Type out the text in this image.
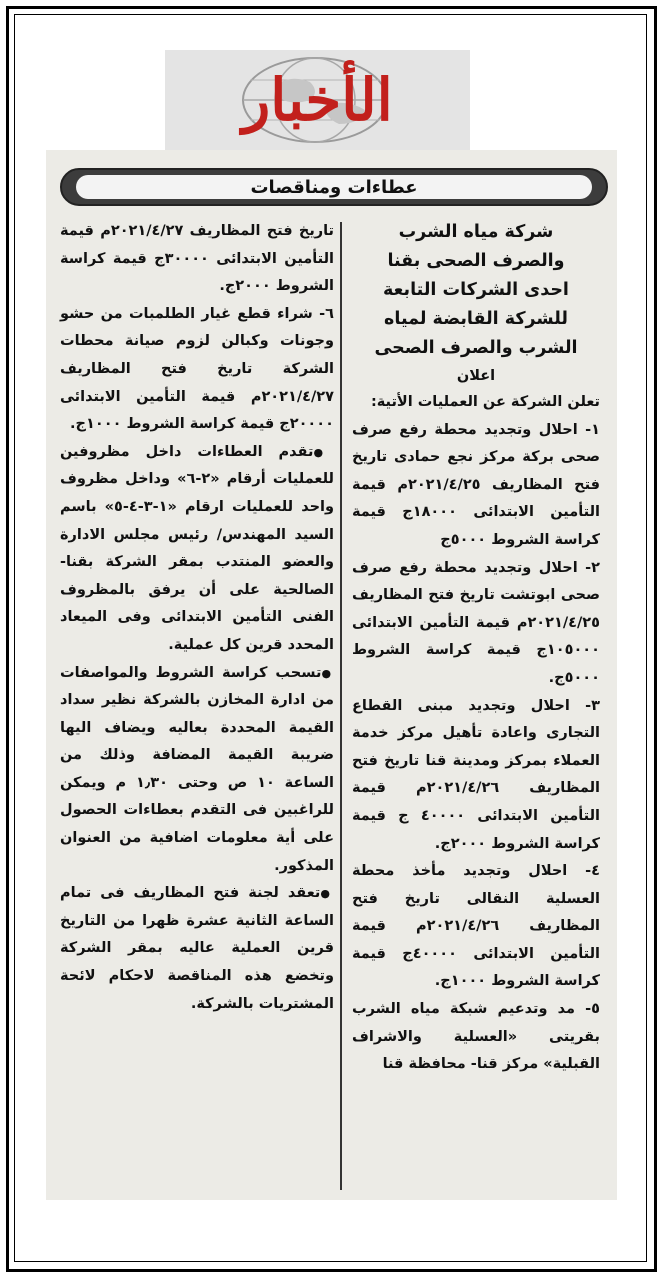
الأخبار
عطاءات ومناقصات

شركة مياه الشرب

والصرف الصحى بقنا

احدى الشركات التابعة

للشركة القابضة لمياه

الشرب والصرف الصحى

اعلان

تعلن الشركة عن العمليات الأتية:

١- احلال وتجديد محطة رفع صرف صحى بركة مركز نجع حمادى تاريخ فتح المظاريف ٢٠٢١/٤/٢٥م قيمة التأمين الابتدائى ١٨٠٠٠ج قيمة كراسة الشروط ٥٠٠٠ج

٢- احلال وتجديد محطة رفع صرف صحى ابوتشت تاريخ فتح المظاريف ٢٠٢١/٤/٢٥م قيمة التأمين الابتدائى ١٠٥٠٠٠ج قيمة كراسة الشروط ٥٠٠٠ج.

٣- احلال وتجديد مبنى القطاع التجارى واعادة تأهيل مركز خدمة العملاء بمركز ومدينة قنا تاريخ فتح المظاريف ٢٠٢١/٤/٢٦م قيمة التأمين الابتدائى ٤٠٠٠٠ ج قيمة كراسة الشروط ٢٠٠٠ج.

٤- احلال وتجديد مأخذ محطة العسلية النقالى تاريخ فتح المظاريف ٢٠٢١/٤/٢٦م قيمة التأمين الابتدائى ٤٠٠٠٠ج قيمة كراسة الشروط ١٠٠٠ج.

٥- مد وتدعيم شبكة مياه الشرب بقريتى «العسلية والاشراف القبلية» مركز قنا- محافظة قنا

تاريخ فتح المظاريف ٢٠٢١/٤/٢٧م قيمة التأمين الابتدائى ٣٠٠٠٠ج قيمة كراسة الشروط ٢٠٠٠ج.

٦- شراء قطع غيار الطلمبات من حشو وجونات وكبالن لزوم صيانة محطات الشركة تاريخ فتح المظاريف ٢٠٢١/٤/٢٧م قيمة التأمين الابتدائى ٢٠٠٠٠ج قيمة كراسة الشروط ١٠٠٠ج.

● تقدم العطاءات داخل مظروفين للعمليات أرقام «٢-٦» وداخل مظروف واحد للعمليات ارقام «١-٣-٤-٥» باسم السيد المهندس/ رئيس مجلس الادارة والعضو المنتدب بمقر الشركة بقنا- الصالحية على أن يرفق بالمظروف الفنى التأمين الابتدائى وفى الميعاد المحدد قرين كل عملية.

● تسحب كراسة الشروط والمواصفات من ادارة المخازن بالشركة نظير سداد القيمة المحددة بعاليه ويضاف اليها ضريبة القيمة المضافة وذلك من الساعة ١٠ ص وحتى ١٫٣٠ م ويمكن للراغبين فى التقدم بعطاءات الحصول على أية معلومات اضافية من العنوان المذكور.

● تعقد لجنة فتح المظاريف فى تمام الساعة الثانية عشرة ظهرا من التاريخ قرين العملية عاليه بمقر الشركة وتخضع هذه المناقصة لاحكام لائحة المشتريات بالشركة.
